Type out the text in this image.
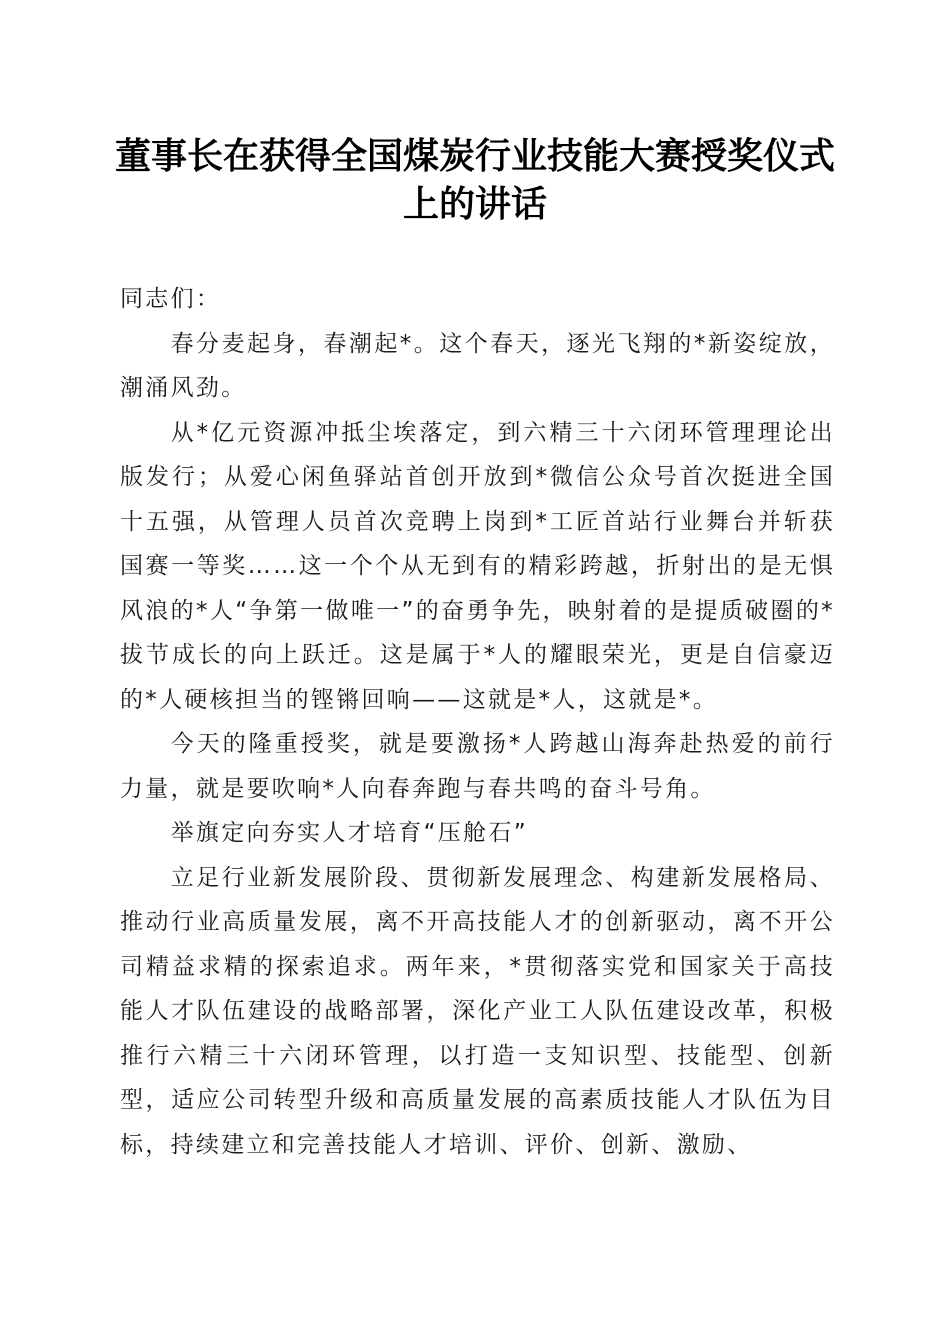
董事长在获得全国煤炭行业技能大赛授奖仪式
上的讲话

同志们：

春分麦起身，春潮起*。这个春天，逐光飞翔的*新姿绽放，潮涌风劲。

从*亿元资源冲抵尘埃落定，到六精三十六闭环管理理论出版发行；从爱心闲鱼驿站首创开放到*微信公众号首次挺进全国十五强，从管理人员首次竞聘上岗到*工匠首站行业舞台并斩获国赛一等奖……这一个个从无到有的精彩跨越，折射出的是无惧风浪的*人“争第一做唯一”的奋勇争先，映射着的是提质破圈的*拔节成长的向上跃迁。这是属于*人的耀眼荣光，更是自信豪迈的*人硬核担当的铿锵回响——这就是*人，这就是*。

今天的隆重授奖，就是要激扬*人跨越山海奔赴热爱的前行力量，就是要吹响*人向春奔跑与春共鸣的奋斗号角。

举旗定向夯实人才培育“压舱石”

立足行业新发展阶段、贯彻新发展理念、构建新发展格局、推动行业高质量发展，离不开高技能人才的创新驱动，离不开公司精益求精的探索追求。两年来，*贯彻落实党和国家关于高技能人才队伍建设的战略部署，深化产业工人队伍建设改革，积极推行六精三十六闭环管理，以打造一支知识型、技能型、创新型，适应公司转型升级和高质量发展的高素质技能人才队伍为目标，持续建立和完善技能人才培训、评价、创新、激励、
